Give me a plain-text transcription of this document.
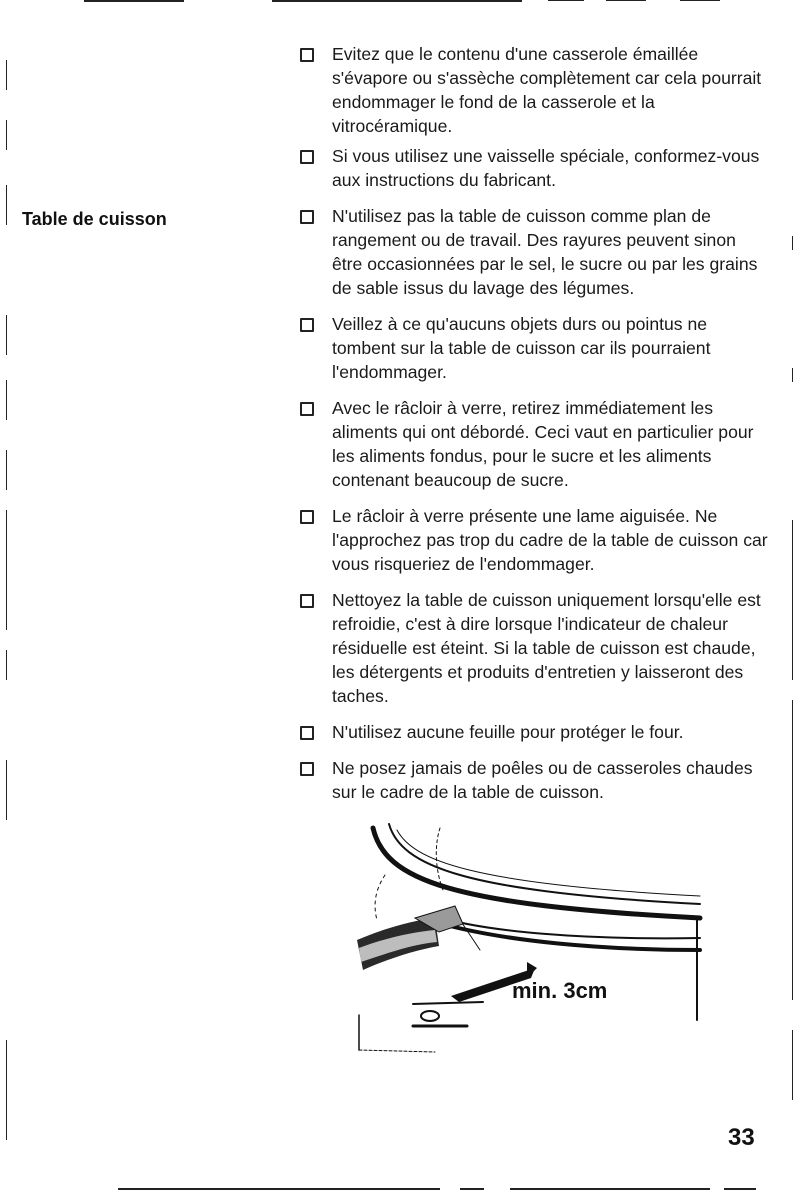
Table de cuisson
Evitez que le contenu d'une casserole émaillée s'évapore ou s'assèche complètement car cela pourrait endommager le fond de la casserole et la vitrocéramique.
Si vous utilisez une vaisselle spéciale, conformez-vous aux instructions du fabricant.
N'utilisez pas la table de cuisson comme plan de rangement ou de travail. Des rayures peuvent sinon être occasionnées par le sel, le sucre ou par les grains de sable issus du lavage des légumes.
Veillez à ce qu'aucuns objets durs ou pointus ne tombent sur la table de cuisson car ils pourraient l'endommager.
Avec le râcloir à verre, retirez immédiatement les aliments qui ont débordé. Ceci vaut en particulier pour les aliments fondus, pour le sucre et les aliments contenant beaucoup de sucre.
Le râcloir à verre présente une lame aiguisée. Ne l'approchez pas trop du cadre de la table de cuisson car vous risqueriez de l'endommager.
Nettoyez la table de cuisson uniquement lorsqu'elle est refroidie, c'est à dire lorsque l'indicateur de chaleur résiduelle est éteint. Si la table de cuisson est chaude, les détergents et produits d'entretien y laisseront des taches.
N'utilisez aucune feuille pour protéger le four.
Ne posez jamais de poêles ou de casseroles chaudes sur le cadre de la table de cuisson.
min. 3cm
33
